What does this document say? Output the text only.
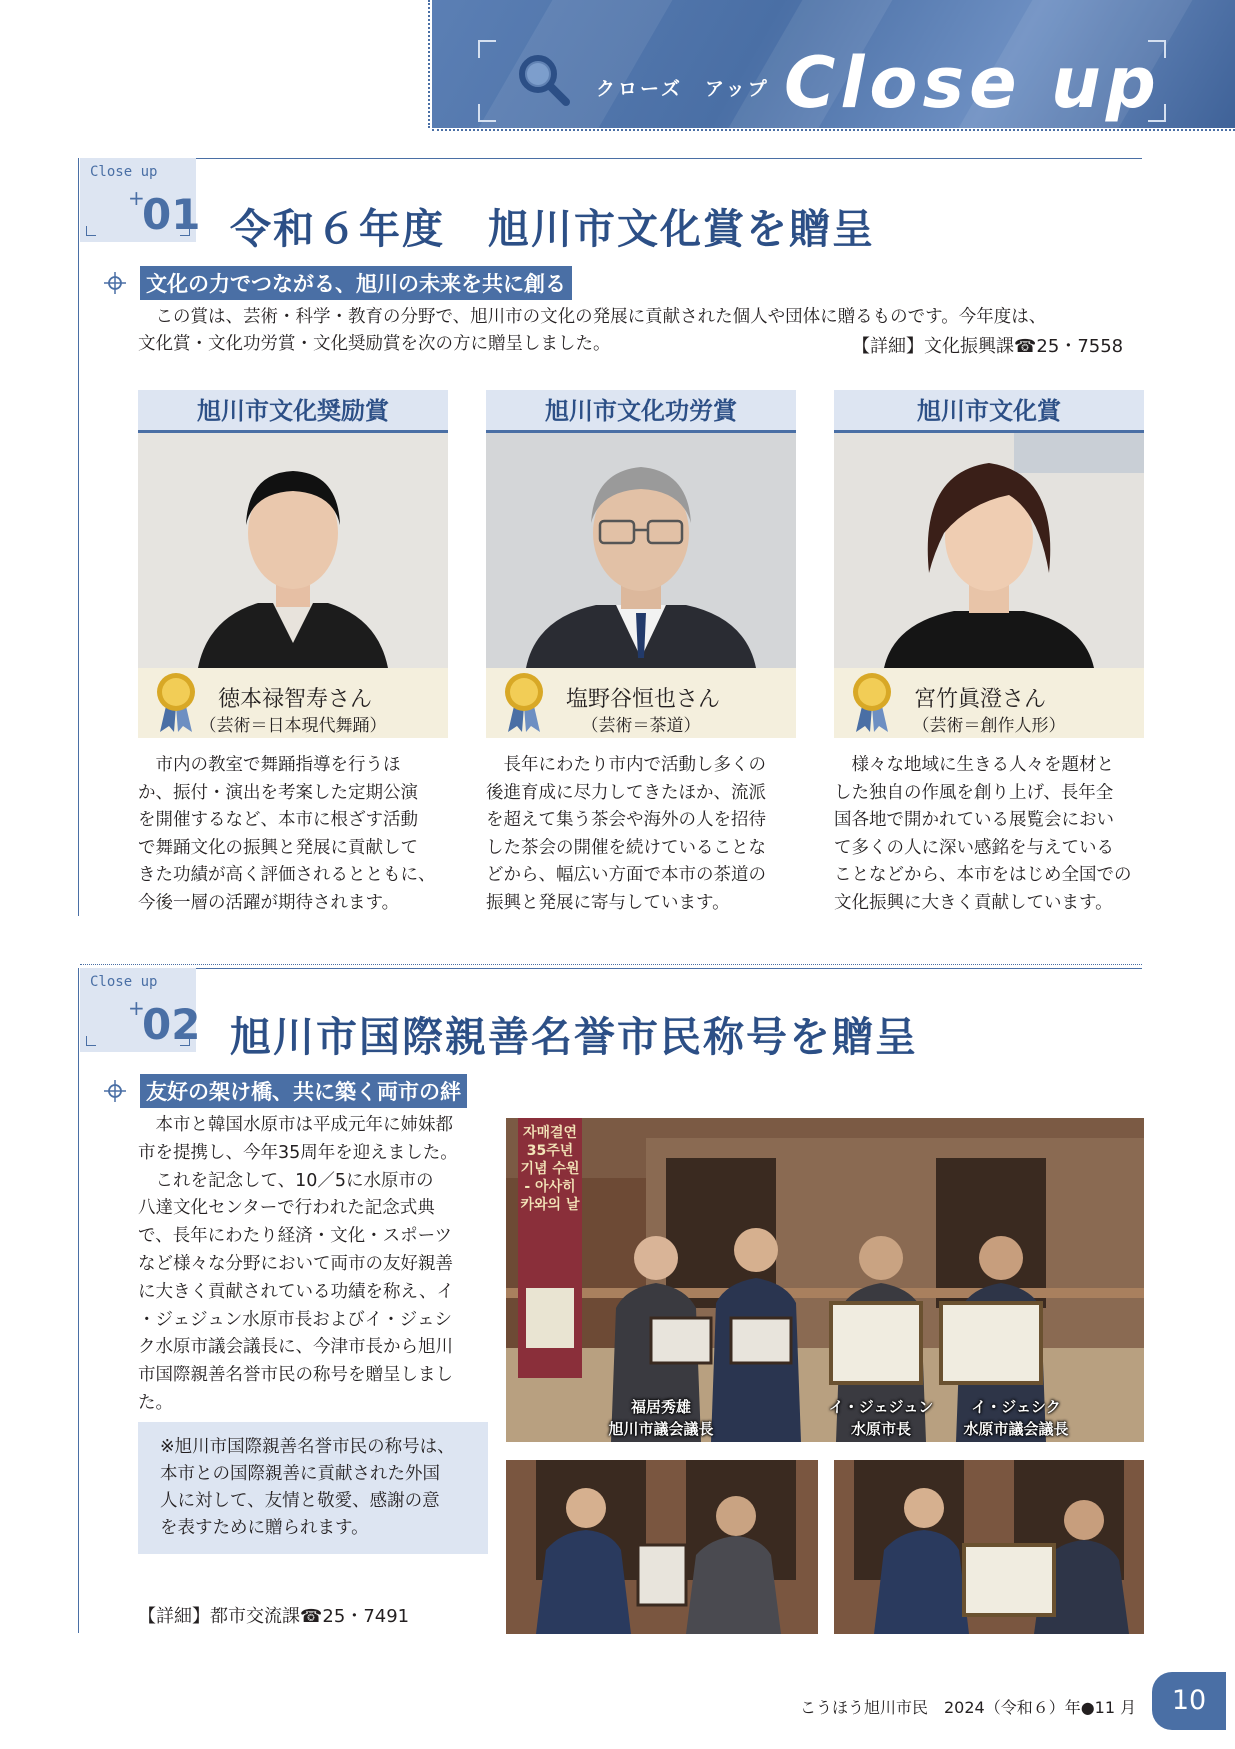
クローズ　アップ Close up
Close up
+
01 令和６年度　旭川市文化賞を贈呈
文化の力でつながる、旭川の未来を共に創る
　この賞は、芸術・科学・教育の分野で、旭川市の文化の発展に貢献された個人や団体に贈るものです。今年度は、
文化賞・文化功労賞・文化奨励賞を次の方に贈呈しました。	【詳細】文化振興課☎25・7558
旭川市文化奨励賞
徳本禄智寿さん
（芸術＝日本現代舞踊）
旭川市文化功労賞
塩野谷恒也さん
（芸術＝茶道）
旭川市文化賞
宮竹眞澄さん
（芸術＝創作人形）
　市内の教室で舞踊指導を行うほ
か、振付・演出を考案した定期公演
を開催するなど、本市に根ざす活動
で舞踊文化の振興と発展に貢献して
きた功績が高く評価されるとともに、
今後一層の活躍が期待されます。
　長年にわたり市内で活動し多くの
後進育成に尽力してきたほか、流派
を超えて集う茶会や海外の人を招待
した茶会の開催を続けていることな
どから、幅広い方面で本市の茶道の
振興と発展に寄与しています。
　様々な地域に生きる人々を題材と
した独自の作風を創り上げ、長年全
国各地で開かれている展覧会におい
て多くの人に深い感銘を与えている
ことなどから、本市をはじめ全国での
文化振興に大きく貢献しています。
Close up
+
02 旭川市国際親善名誉市民称号を贈呈
友好の架け橋、共に築く両市の絆
　本市と韓国水原市は平成元年に姉妹都
市を提携し、今年35周年を迎えました。
　これを記念して、10／5に水原市の
八達文化センターで行われた記念式典
で、長年にわたり経済・文化・スポーツ
など様々な分野において両市の友好親善
に大きく貢献されている功績を称え、イ
・ジェジュン水原市長およびイ・ジェシ
ク水原市議会議長に、今津市長から旭川
市国際親善名誉市民の称号を贈呈しまし
た。
※旭川市国際親善名誉市民の称号は、
本市との国際親善に貢献された外国
人に対して、友情と敬愛、感謝の意
を表すために贈られます。
【詳細】都市交流課☎25・7491
자매결연35주년기념 수원 - 아사히카와의 날
福居秀雄
旭川市議会議長
イ・ジェジュン
水原市長
イ・ジェシク
水原市議会議長
こうほう旭川市民　2024（令和６）年●11 月	10
